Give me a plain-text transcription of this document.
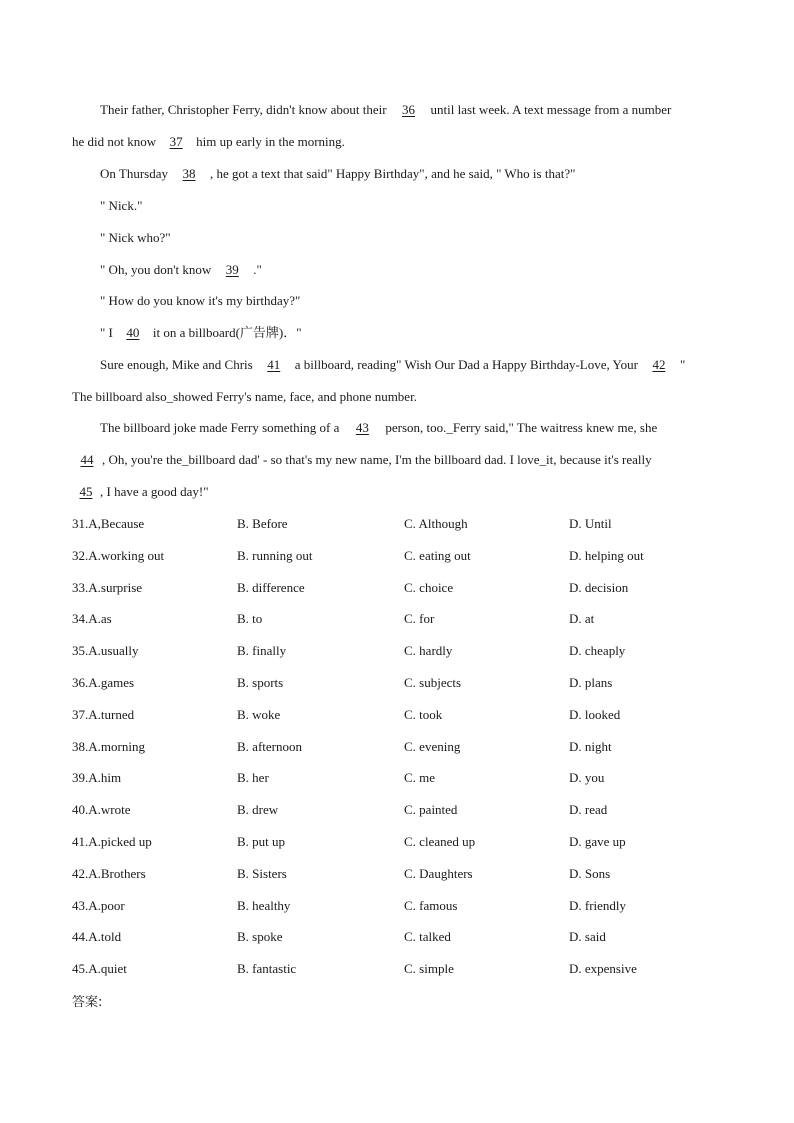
Their father, Christopher Ferry, didn't know about their 36 until last week. A text message from a number
he did not know 37 him up early in the morning.
On Thursday 38 , he got a text that said" Happy Birthday", and he said, " Who is that?"
" Nick."
" Nick who?"
" Oh, you don't know 39 ."
" How do you know it's my birthday?"
" I 40 it on a billboard(广告牌)．"
Sure enough, Mike and Chris 41 a billboard, reading" Wish Our Dad a Happy Birthday-Love, Your 42 "
The billboard also_showed Ferry's name, face, and phone number.
The billboard joke made Ferry something of a 43 person, too._Ferry said," The waitress knew me, she
44 , Oh, you're the_billboard dad' - so that's my new name, I'm the billboard dad. I love_it, because it's really
45 , I have a good day!"
31.A,Because	B. Before	C. Although	D. Until
32.A.working out	B. running out	C. eating out	D. helping out
33.A.surprise	B. difference	C. choice	D. decision
34.A.as	B. to	C. for	D. at
35.A.usually	B. finally	C. hardly	D. cheaply
36.A.games	B. sports	C. subjects	D. plans
37.A.turned	B. woke	C. took	D. looked
38.A.morning	B. afternoon	C. evening	D. night
39.A.him	B. her	C. me	D. you
40.A.wrote	B. drew	C. painted	D. read
41.A.picked up	B. put up	C. cleaned up	D. gave up
42.A.Brothers	B. Sisters	C. Daughters	D. Sons
43.A.poor	B. healthy	C. famous	D. friendly
44.A.told	B. spoke	C. talked	D. said
45.A.quiet	B. fantastic	C. simple	D. expensive
答案:
